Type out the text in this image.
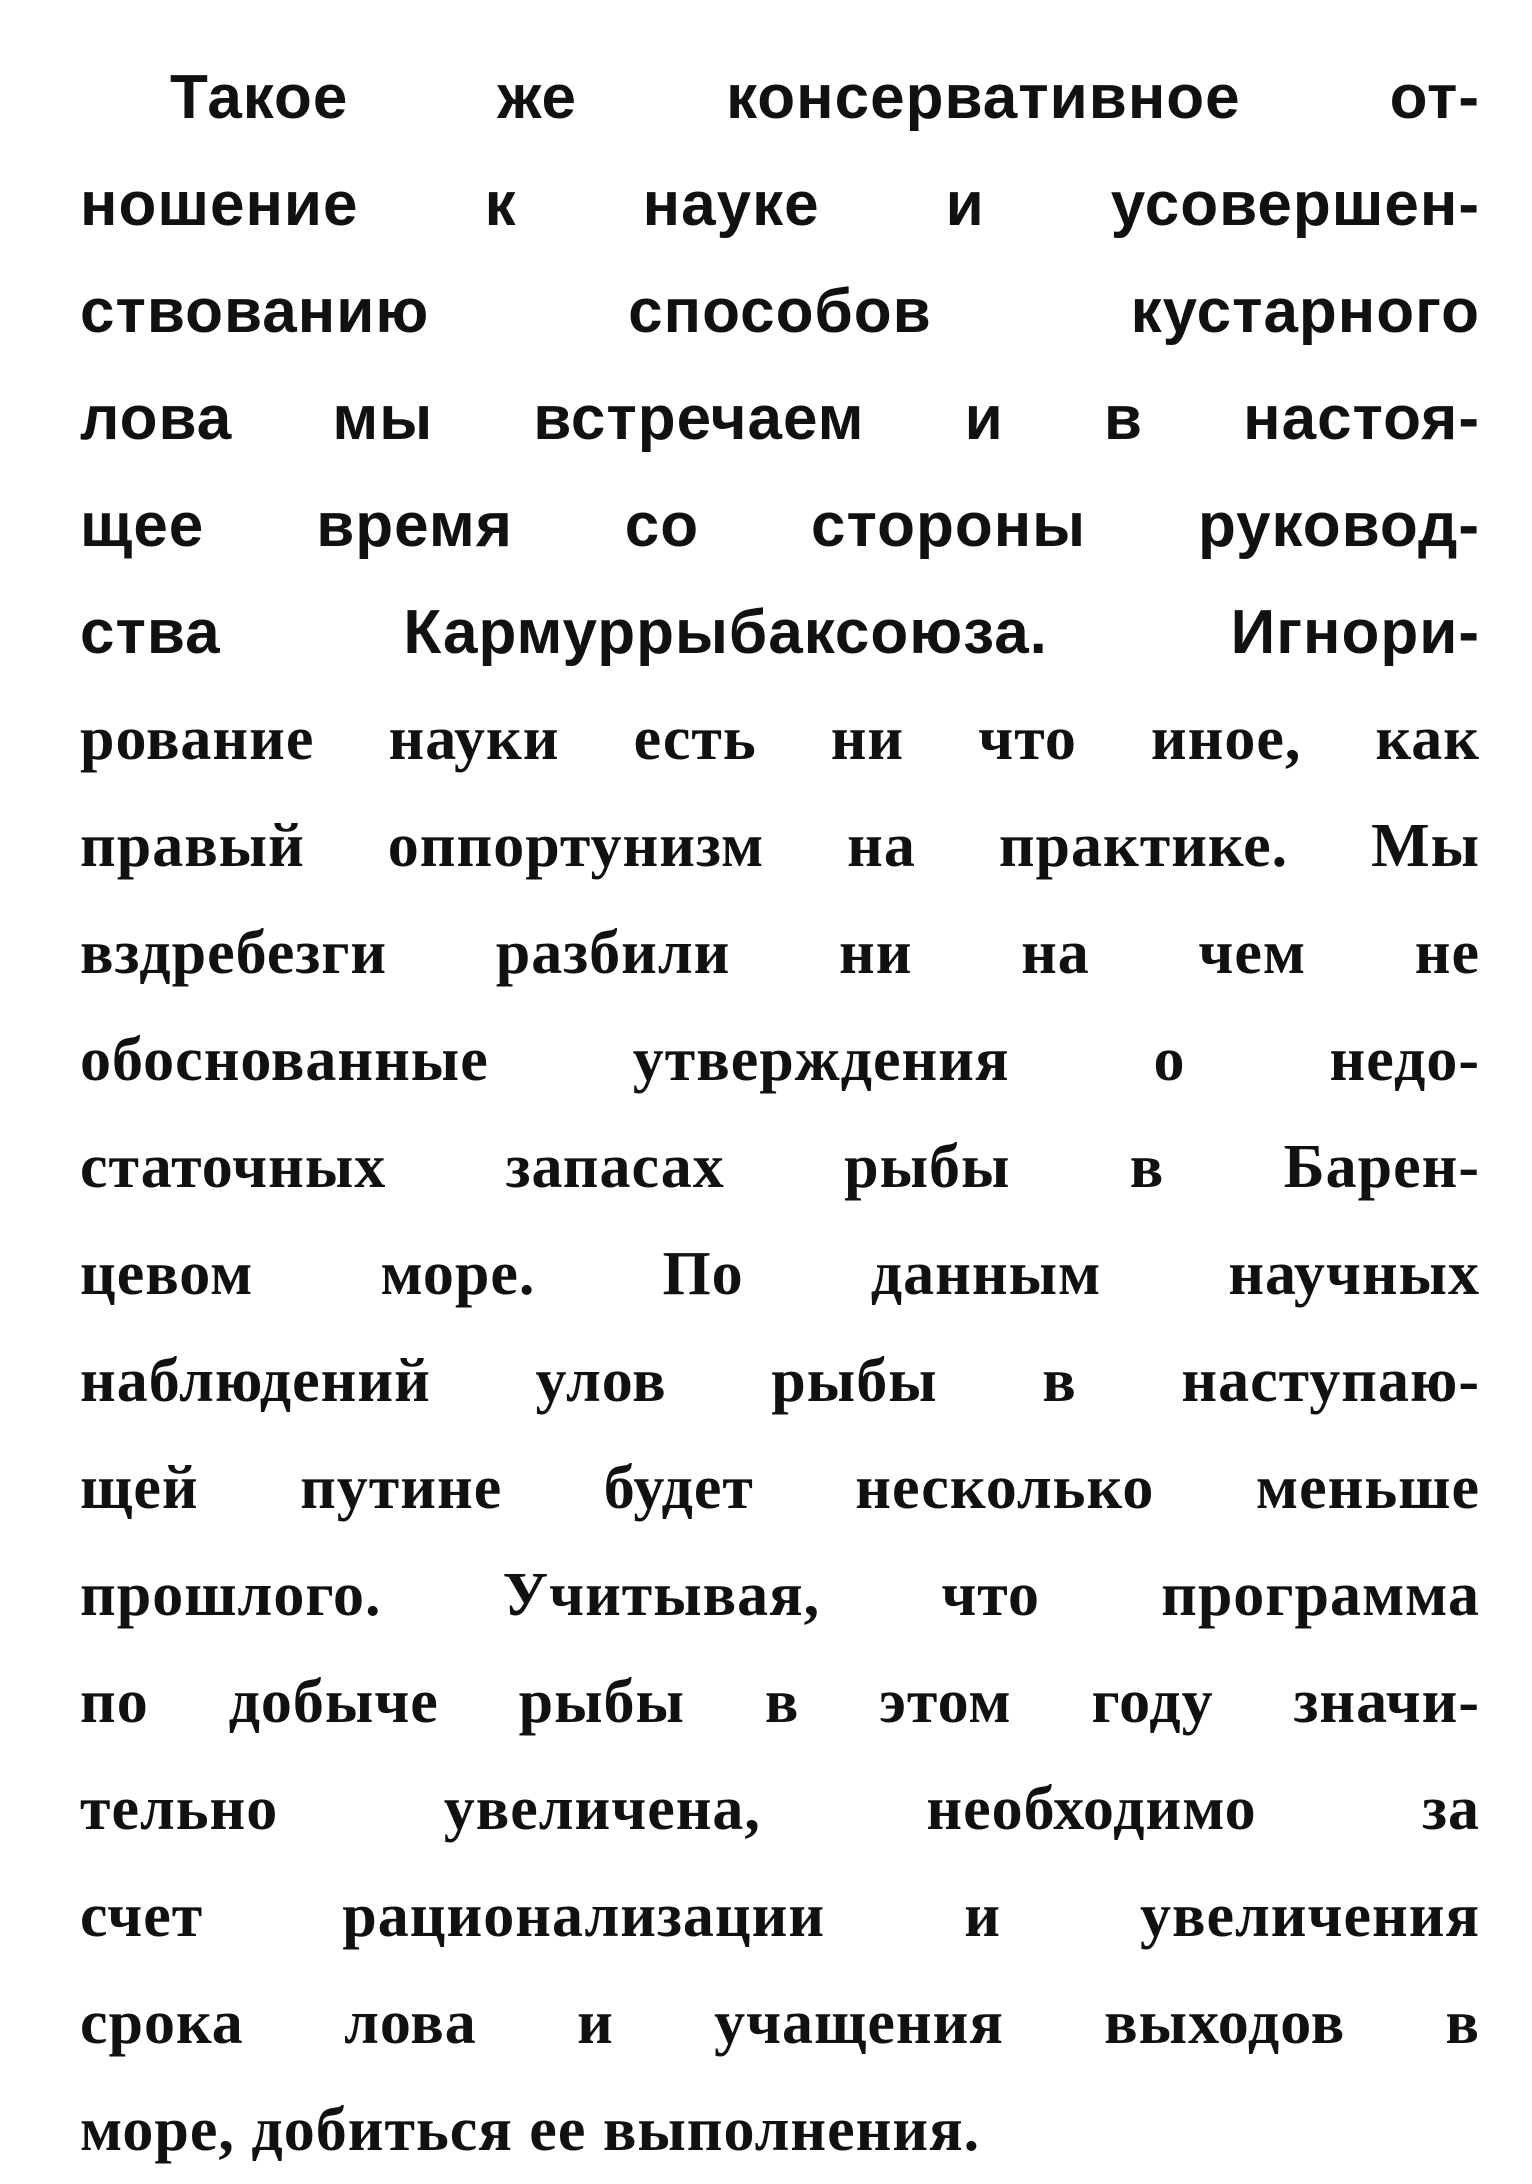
Такое же консервативное от-
ношение к науке и усовершен-
ствованию способов кустарного
лова мы встречаем и в настоя-
щее время со стороны руковод-
ства Кармуррыбаксоюза. Игнори-
рование науки есть ни что иное, как
правый оппортунизм на практике. Мы
вздребезги разбили ни на чем не
обоснованные утверждения о недо-
статочных запасах рыбы в Барен-
цевом море. По данным научных
наблюдений улов рыбы в наступаю-
щей путине будет несколько меньше
прошлого. Учитывая, что программа
по добыче рыбы в этом году значи-
тельно увеличена, необходимо за
счет рационализации и увеличения
срока лова и учащения выходов в
море, добиться ее выполнения.
